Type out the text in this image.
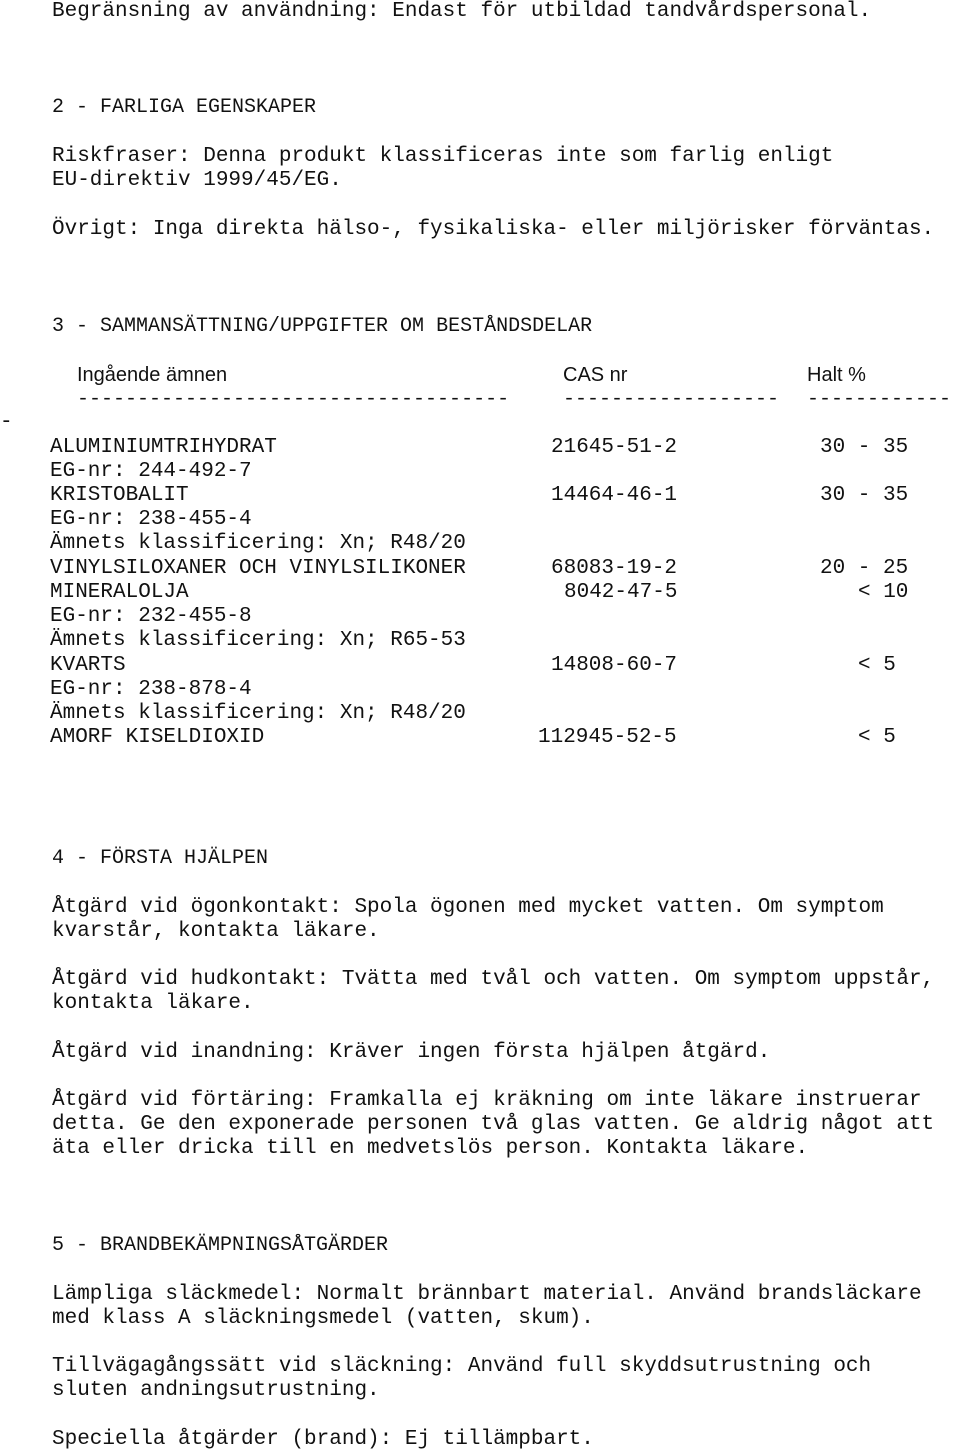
Begränsning av användning: Endast för utbildad tandvårdspersonal.

2 - FARLIGA EGENSKAPER

Riskfraser: Denna produkt klassificeras inte som farlig enligt

EU-direktiv 1999/45/EG.

Övrigt: Inga direkta hälso-, fysikaliska- eller miljörisker förväntas.

3 - SAMMANSÄTTNING/UPPGIFTER OM BESTÅNDSDELAR

Ingående ämnen	CAS nr	Halt %
------------------------------------	------------------ ------------
-
ALUMINIUMTRIHYDRAT	21645-51-2	30 - 35
EG-nr: 244-492-7
KRISTOBALIT	14464-46-1	30 - 35
EG-nr: 238-455-4
Ämnets klassificering: Xn; R48/20
VINYLSILOXANER OCH VINYLSILIKONER	68083-19-2	20 - 25
MINERALOLJA	8042-47-5	< 10
EG-nr: 232-455-8
Ämnets klassificering: Xn; R65-53
KVARTS	14808-60-7	< 5
EG-nr: 238-878-4
Ämnets klassificering: Xn; R48/20
AMORF KISELDIOXID	112945-52-5	< 5

4 - FÖRSTA HJÄLPEN

Åtgärd vid ögonkontakt: Spola ögonen med mycket vatten. Om symptom

kvarstår, kontakta läkare.

Åtgärd vid hudkontakt: Tvätta med tvål och vatten. Om symptom uppstår,

kontakta läkare.

Åtgärd vid inandning: Kräver ingen första hjälpen åtgärd.

Åtgärd vid förtäring: Framkalla ej kräkning om inte läkare instruerar

detta. Ge den exponerade personen två glas vatten. Ge aldrig något att

äta eller dricka till en medvetslös person. Kontakta läkare.

5 - BRANDBEKÄMPNINGSÅTGÄRDER

Lämpliga släckmedel: Normalt brännbart material. Använd brandsläckare

med klass A släckningsmedel (vatten, skum).

Tillvägagångssätt vid släckning: Använd full skyddsutrustning och

sluten andningsutrustning.

Speciella åtgärder (brand): Ej tillämpbart.
